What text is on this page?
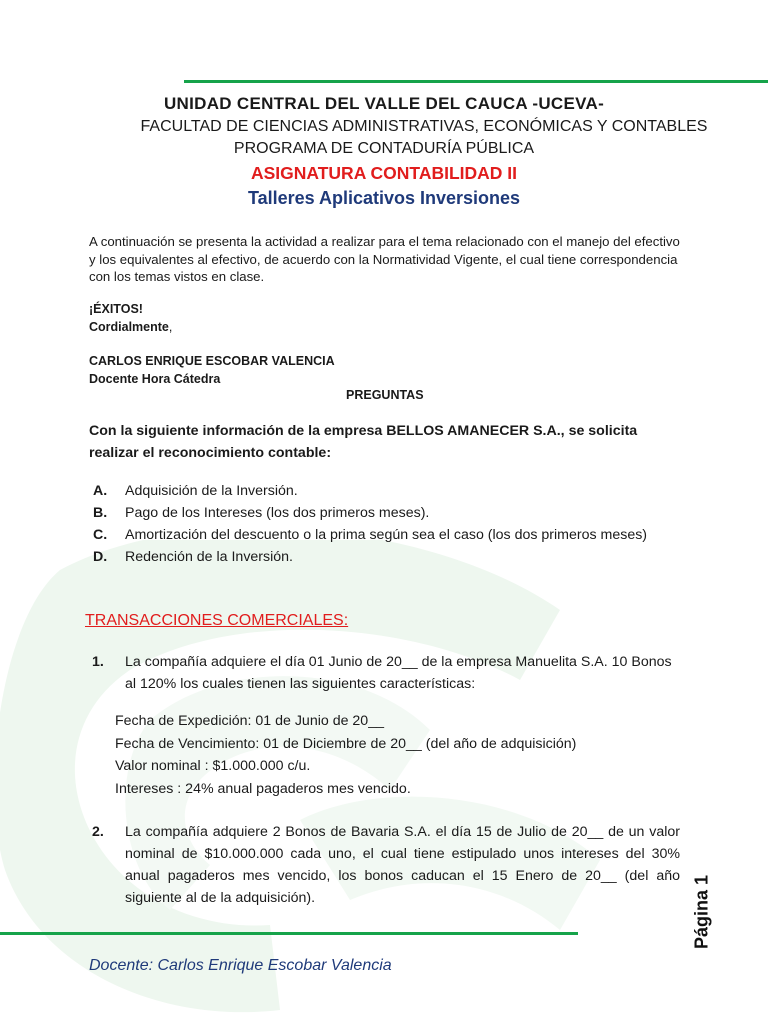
UNIDAD CENTRAL DEL VALLE DEL CAUCA -UCEVA-
FACULTAD DE CIENCIAS ADMINISTRATIVAS, ECONÓMICAS Y CONTABLES
PROGRAMA DE CONTADURÍA PÚBLICA
ASIGNATURA CONTABILIDAD II
Talleres Aplicativos Inversiones
A continuación se presenta la actividad a realizar para el tema relacionado con el manejo del efectivo y los equivalentes al efectivo, de acuerdo con la Normatividad Vigente, el cual tiene correspondencia con los temas vistos en clase.
¡ÉXITOS!
Cordialmente,
CARLOS ENRIQUE ESCOBAR VALENCIA
Docente Hora Cátedra
PREGUNTAS
Con la siguiente información de la empresa BELLOS AMANECER S.A., se solicita realizar el reconocimiento contable:
A.	Adquisición de la Inversión.
B.	Pago de los Intereses (los dos primeros meses).
C.	Amortización del descuento o la prima según sea el caso (los dos primeros meses)
D.	Redención de la Inversión.
TRANSACCIONES COMERCIALES:
1.	La compañía adquiere el día 01 Junio de 20__ de la empresa Manuelita S.A. 10 Bonos al 120% los cuales tienen las siguientes características:
Fecha de Expedición: 01 de Junio de 20__
Fecha de Vencimiento: 01 de Diciembre de 20__ (del año de adquisición)
Valor nominal : $1.000.000 c/u.
Intereses : 24% anual pagaderos mes vencido.
2.	La compañía adquiere 2 Bonos de Bavaria S.A. el día 15 de Julio de 20__ de un valor nominal de $10.000.000 cada uno, el cual tiene estipulado unos intereses del 30% anual pagaderos mes vencido, los bonos caducan el 15 Enero de 20__ (del año siguiente al de la adquisición).
Docente: Carlos Enrique Escobar Valencia
Página 1
